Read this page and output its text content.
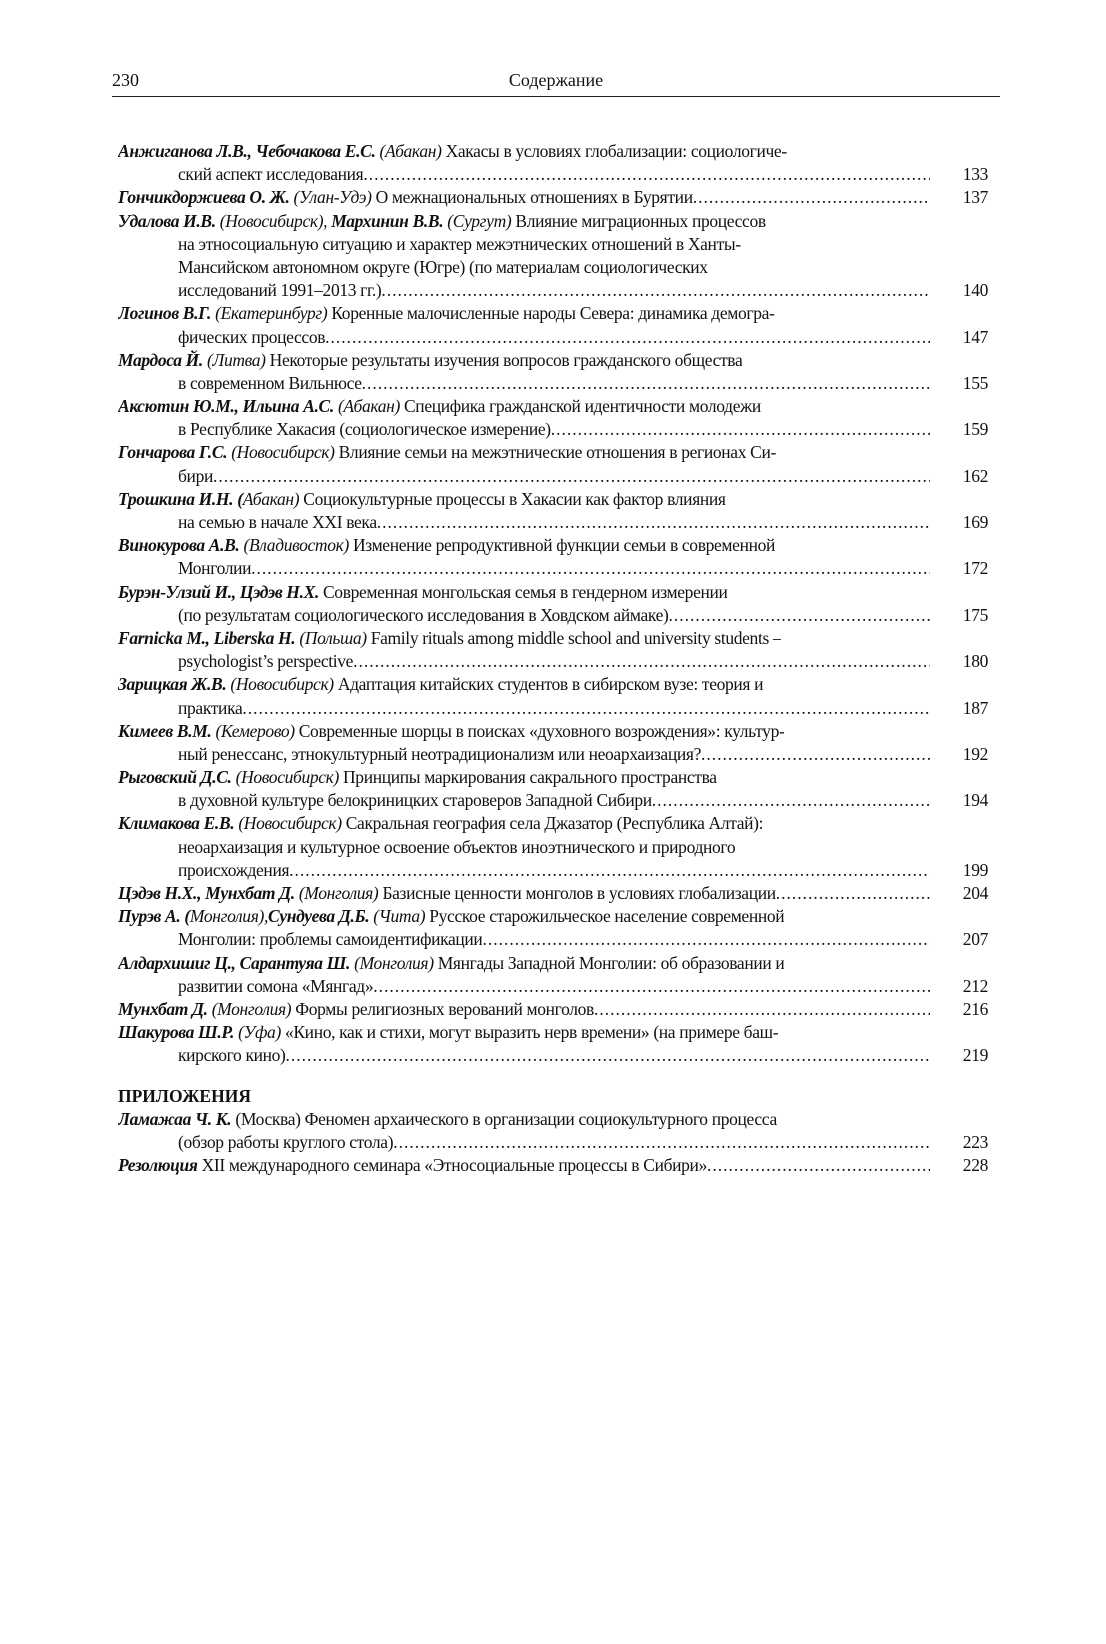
230	Содержание
Анжиганова Л.В., Чебочакова Е.С. (Абакан) Хакасы в условиях глобализации: социологиче-
ский аспект исследования .....	133
Гончикдоржиева О. Ж. (Улан-Удэ) О межнациональных отношениях в Бурятии .....	137
Удалова И.В. (Новосибирск), Мархинин В.В. (Сургут) Влияние миграционных процессов
на этносоциальную ситуацию и характер межэтнических отношений в Ханты-
Мансийском автономном округе (Югре) (по материалам социологических
исследований 1991–2013 гг.) .....	140
Логинов В.Г. (Екатеринбург) Коренные малочисленные народы Севера: динамика демогра-
фических процессов .....	147
Мардоса Й. (Литва) Некоторые результаты изучения вопросов гражданского общества
в современном Вильнюсе .....	155
Аксютин Ю.М., Ильина А.С. (Абакан) Специфика гражданской идентичности молодежи
в Республике Хакасия (социологическое измерение) .....	159
Гончарова Г.С. (Новосибирск) Влияние семьи на межэтнические отношения в регионах Си-
бири .....	162
Трошкина И.Н. (Абакан) Социокультурные процессы в Хакасии как фактор влияния
на семью в начале XXI века .....	169
Винокурова А.В. (Владивосток) Изменение репродуктивной функции семьи в современной
Монголии .....	172
Бурэн-Улзий И., Цэдэв Н.Х. Современная монгольская семья в гендерном измерении
(по результатам социологического исследования в Ховдском аймаке) .....	175
Farnicka M., Liberska H. (Польша) Family rituals among middle school and university students –
psychologist’s perspective .....	180
Зарицкая Ж.В. (Новосибирск) Адаптация китайских студентов в сибирском вузе: теория и
практика .....	187
Кимеев В.М. (Кемерово) Современные шорцы в поисках «духовного возрождения»: культур-
ный ренессанс, этнокультурный неотрадиционализм или неоархаизация? .....	192
Рыговский Д.С. (Новосибирск) Принципы маркирования сакрального пространства
в духовной культуре белокриницких староверов Западной Сибири .....	194
Климакова Е.В. (Новосибирск) Сакральная география села Джазатор (Республика Алтай):
неоархаизация и культурное освоение объектов иноэтнического и природного
происхождения .....	199
Цэдэв Н.Х., Мунхбат Д. (Монголия) Базисные ценности монголов в условиях глобализации .....	204
Пурэв А. (Монголия),Сундуева Д.Б. (Чита) Русское старожильческое население современной
Монголии: проблемы самоидентификации .....	207
Алдархишиг Ц., Сарантуяа Ш. (Монголия) Мянгады Западной Монголии: об образовании и
развитии сомона «Мянгад» .....	212
Мунхбат Д. (Монголия) Формы религиозных верований монголов .....	216
Шакурова Ш.Р. (Уфа) «Кино, как и стихи, могут выразить нерв времени» (на примере баш-
кирского кино) .....	219
ПРИЛОЖЕНИЯ
Ламажаа Ч. К. (Москва) Феномен архаического в организации социокультурного процесса
(обзор работы круглого стола) .....	223
Резолюция XII международного семинара «Этносоциальные процессы в Сибири» .....	228
